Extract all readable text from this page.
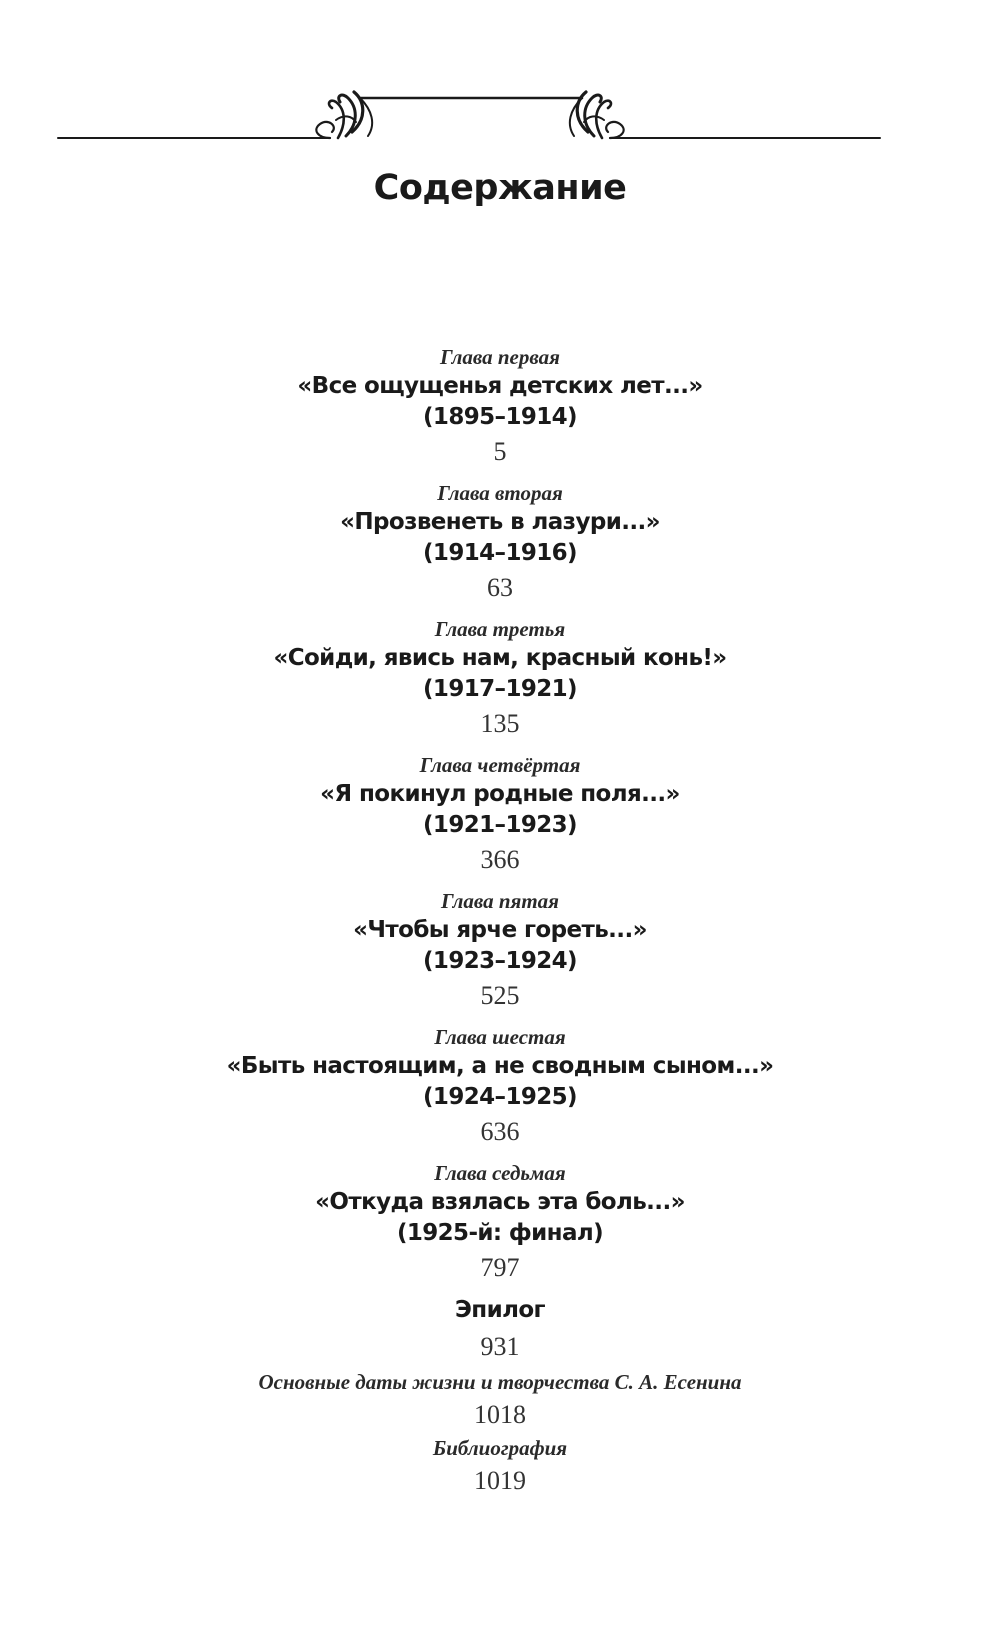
Содержание
Глава первая
«Все ощущенья детских лет...»
(1895–1914)
5
Глава вторая
«Прозвенеть в лазури...»
(1914–1916)
63
Глава третья
«Сойди, явись нам, красный конь!»
(1917–1921)
135
Глава четвёртая
«Я покинул родные поля...»
(1921–1923)
366
Глава пятая
«Чтобы ярче гореть...»
(1923–1924)
525
Глава шестая
«Быть настоящим, а не сводным сыном...»
(1924–1925)
636
Глава седьмая
«Откуда взялась эта боль...»
(1925-й: финал)
797
Эпилог
931
Основные даты жизни и творчества С. А. Есенина
1018
Библиография
1019
